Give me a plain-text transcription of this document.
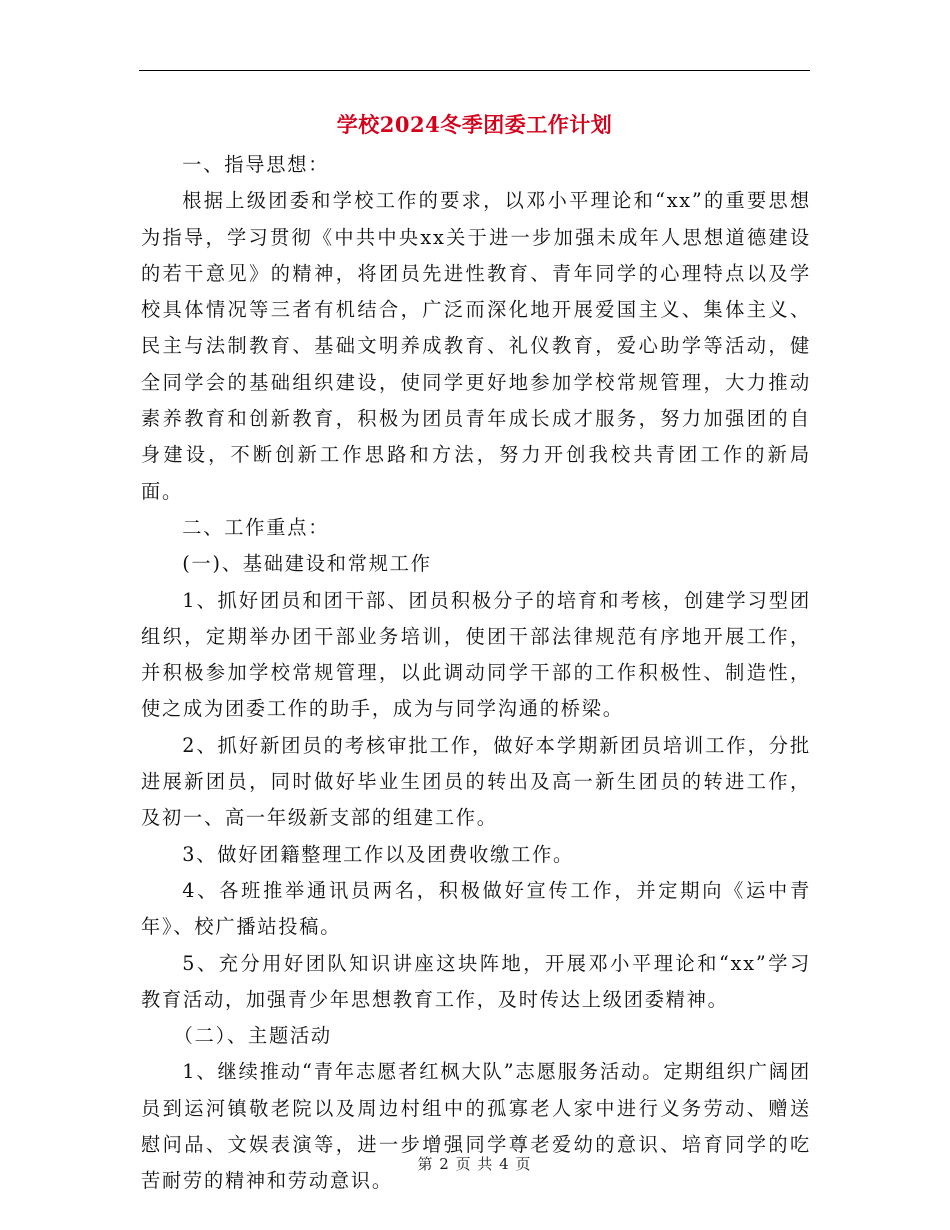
学校2024冬季团委工作计划

一、指导思想：

根据上级团委和学校工作的要求，以邓小平理论和“xx”的重要思想为指导，学习贯彻《中共中央xx关于进一步加强未成年人思想道德建设的若干意见》的精神，将团员先进性教育、青年同学的心理特点以及学校具体情况等三者有机结合，广泛而深化地开展爱国主义、集体主义、民主与法制教育、基础文明养成教育、礼仪教育，爱心助学等活动，健全同学会的基础组织建设，使同学更好地参加学校常规管理，大力推动素养教育和创新教育，积极为团员青年成长成才服务，努力加强团的自身建设，不断创新工作思路和方法，努力开创我校共青团工作的新局面。

二、工作重点：

(一)、基础建设和常规工作

1、抓好团员和团干部、团员积极分子的培育和考核，创建学习型团组织，定期举办团干部业务培训，使团干部法律规范有序地开展工作，并积极参加学校常规管理，以此调动同学干部的工作积极性、制造性，使之成为团委工作的助手，成为与同学沟通的桥梁。

2、抓好新团员的考核审批工作，做好本学期新团员培训工作，分批进展新团员，同时做好毕业生团员的转出及高一新生团员的转进工作，及初一、高一年级新支部的组建工作。

3、做好团籍整理工作以及团费收缴工作。

4、各班推举通讯员两名，积极做好宣传工作，并定期向《运中青年》、校广播站投稿。

5、充分用好团队知识讲座这块阵地，开展邓小平理论和“xx”学习教育活动，加强青少年思想教育工作，及时传达上级团委精神。

（二）、主题活动

1、继续推动“青年志愿者红枫大队”志愿服务活动。定期组织广阔团员到运河镇敬老院以及周边村组中的孤寡老人家中进行义务劳动、赠送慰问品、文娱表演等，进一步增强同学尊老爱幼的意识、培育同学的吃苦耐劳的精神和劳动意识。

第 2 页 共 4 页
